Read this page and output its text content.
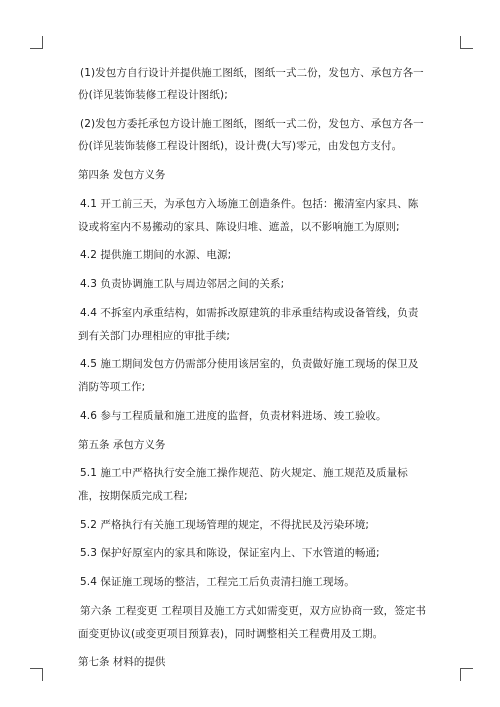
(1)发包方自行设计并提供施工图纸，图纸一式二份，发包方、承包方各一份(详见装饰装修工程设计图纸);

(2)发包方委托承包方设计施工图纸，图纸一式二份，发包方、承包方各一份(详见装饰装修工程设计图纸)，设计费(大写)零元，由发包方支付。

第四条 发包方义务

4.1 开工前三天，为承包方入场施工创造条件。包括：搬清室内家具、陈设或将室内不易搬动的家具、陈设归堆、遮盖，以不影响施工为原则;

4.2 提供施工期间的水源、电源;

4.3 负责协调施工队与周边邻居之间的关系;

4.4 不拆室内承重结构，如需拆改原建筑的非承重结构或设备管线，负责到有关部门办理相应的审批手续;

4.5 施工期间发包方仍需部分使用该居室的，负责做好施工现场的保卫及消防等项工作;

4.6 参与工程质量和施工进度的监督，负责材料进场、竣工验收。

第五条 承包方义务

5.1 施工中严格执行安全施工操作规范、防火规定、施工规范及质量标准，按期保质完成工程;

5.2 严格执行有关施工现场管理的规定，不得扰民及污染环境;

5.3 保护好原室内的家具和陈设，保证室内上、下水管道的畅通;

5.4 保证施工现场的整洁，工程完工后负责清扫施工现场。

第六条 工程变更 工程项目及施工方式如需变更，双方应协商一致，签定书面变更协议(或变更项目预算表)，同时调整相关工程费用及工期。

第七条 材料的提供
